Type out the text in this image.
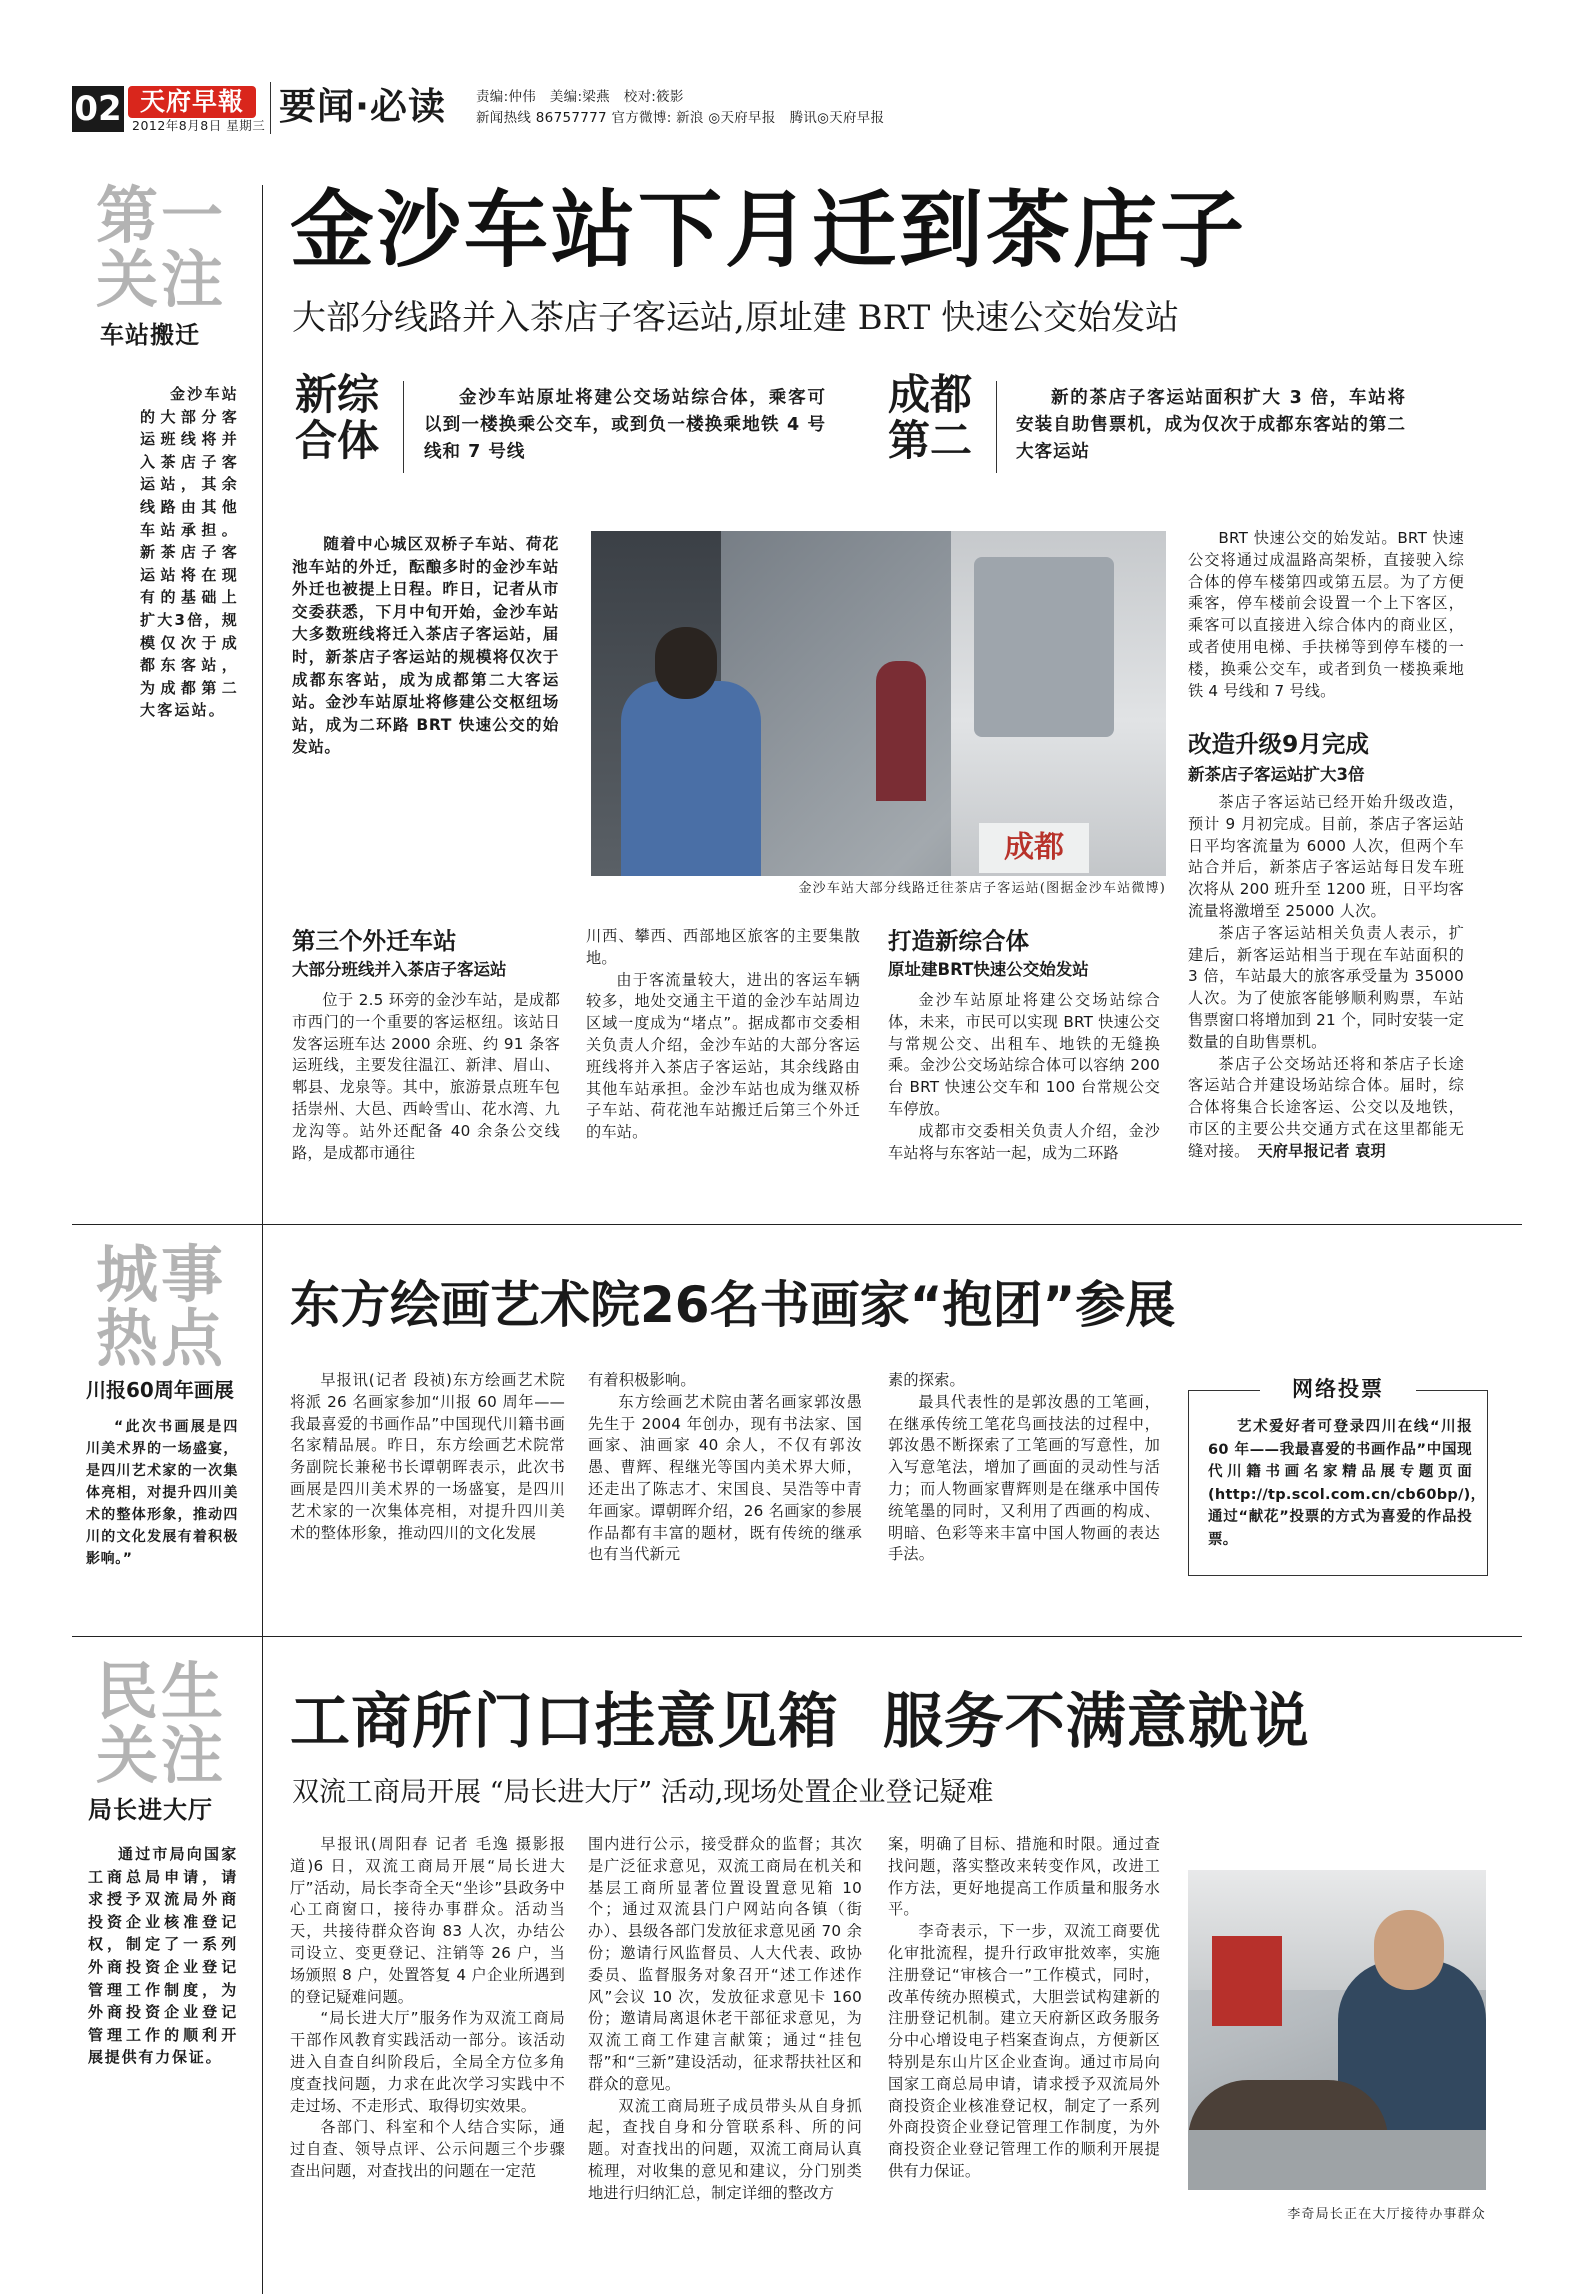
02 天府早報
2012年8月8日 星期三 要闻·必读 责编:仲伟　美编:梁燕　校对:筱影
新闻热线 86757777 官方微博: 新浪 ◎天府早报　 腾讯◎天府早报
第一
关注
车站搬迁

金沙车站的大部分客运班线将并入茶店子客运站，其余线路由其他车站承担。新茶店子客运站将在现有的基础上扩大3倍，规模仅次于成都东客站，为成都第二大客运站。

金沙车站下月迁到茶店子
大部分线路并入茶店子客运站,原址建 BRT 快速公交始发站
新综
合体

金沙车站原址将建公交场站综合体，乘客可以到一楼换乘公交车，或到负一楼换乘地铁 4 号线和 7 号线

成都
第二

新的茶店子客运站面积扩大 3 倍，车站将安装自助售票机，成为仅次于成都东客站的第二大客运站

随着中心城区双桥子车站、荷花池车站的外迁，酝酿多时的金沙车站外迁也被提上日程。昨日，记者从市交委获悉，下月中旬开始，金沙车站大多数班线将迁入茶店子客运站，届时，新茶店子客运站的规模将仅次于成都东客站，成为成都第二大客运站。金沙车站原址将修建公交枢纽场站，成为二环路 BRT 快速公交的始发站。

成都
金沙车站大部分线路迁往茶店子客运站(图据金沙车站微博)

BRT 快速公交的始发站。BRT 快速公交将通过成温路高架桥，直接驶入综合体的停车楼第四或第五层。为了方便乘客，停车楼前会设置一个上下客区，乘客可以直接进入综合体内的商业区，或者使用电梯、手扶梯等到停车楼的一楼，换乘公交车，或者到负一楼换乘地铁 4 号线和 7 号线。

改造升级9月完成
新茶店子客运站扩大3倍

茶店子客运站已经开始升级改造，预计 9 月初完成。目前，茶店子客运站日平均客流量为 6000 人次，但两个车站合并后，新茶店子客运站每日发车班次将从 200 班升至 1200 班，日平均客流量将激增至 25000 人次。

茶店子客运站相关负责人表示，扩建后，新客运站相当于现在车站面积的 3 倍，车站最大的旅客承受量为 35000 人次。为了使旅客能够顺利购票，车站售票窗口将增加到 21 个，同时安装一定数量的自助售票机。

茶店子公交场站还将和茶店子长途客运站合并建设场站综合体。届时，综合体将集合长途客运、公交以及地铁，市区的主要公共交通方式在这里都能无缝对接。　 天府早报记者 袁玥

第三个外迁车站
大部分班线并入茶店子客运站

位于 2.5 环旁的金沙车站，是成都市西门的一个重要的客运枢纽。该站日发客运班车达 2000 余班、约 91 条客运班线，主要发往温江、新津、眉山、郫县、龙泉等。其中，旅游景点班车包括崇州、大邑、西岭雪山、花水湾、九龙沟等。站外还配备 40 余条公交线路，是成都市通往

川西、攀西、西部地区旅客的主要集散地。

由于客流量较大，进出的客运车辆较多，地处交通主干道的金沙车站周边区域一度成为“堵点”。据成都市交委相关负责人介绍，金沙车站的大部分客运班线将并入茶店子客运站，其余线路由其他车站承担。金沙车站也成为继双桥子车站、荷花池车站搬迁后第三个外迁的车站。

打造新综合体
原址建BRT快速公交始发站

金沙车站原址将建公交场站综合体，未来，市民可以实现 BRT 快速公交与常规公交、出租车、地铁的无缝换乘。金沙公交场站综合体可以容纳 200 台 BRT 快速公交车和 100 台常规公交车停放。

成都市交委相关负责人介绍，金沙车站将与东客站一起，成为二环路

城事
热点
川报60周年画展

“此次书画展是四川美术界的一场盛宴，是四川艺术家的一次集体亮相，对提升四川美术的整体形象，推动四川的文化发展有着积极影响。”

东方绘画艺术院26名书画家“抱团”参展

早报讯(记者 段祯)东方绘画艺术院将派 26 名画家参加“川报 60 周年——我最喜爱的书画作品”中国现代川籍书画名家精品展。昨日，东方绘画艺术院常务副院长兼秘书长谭朝晖表示，此次书画展是四川美术界的一场盛宴，是四川艺术家的一次集体亮相，对提升四川美术的整体形象，推动四川的文化发展

有着积极影响。

东方绘画艺术院由著名画家郭汝愚先生于 2004 年创办，现有书法家、国画家、油画家 40 余人，不仅有郭汝愚、曹辉、程继光等国内美术界大师，还走出了陈志才、宋国良、吴浩等中青年画家。谭朝晖介绍，26 名画家的参展作品都有丰富的题材，既有传统的继承也有当代新元

素的探索。

最具代表性的是郭汝愚的工笔画，在继承传统工笔花鸟画技法的过程中，郭汝愚不断探索了工笔画的写意性，加入写意笔法，增加了画面的灵动性与活力；而人物画家曹辉则是在继承中国传统笔墨的同时，又利用了西画的构成、明暗、色彩等来丰富中国人物画的表达手法。

网络投票

艺术爱好者可登录四川在线“川报 60 年——我最喜爱的书画作品”中国现代川籍书画名家精品展专题页面(http://tp.scol.com.cn/cb60bp/)，通过“献花”投票的方式为喜爱的作品投票。

民生
关注
局长进大厅

通过市局向国家工商总局申请，请求授予双流局外商投资企业核准登记权，制定了一系列外商投资企业登记管理工作制度，为外商投资企业登记管理工作的顺利开展提供有力保证。

工商所门口挂意见箱  服务不满意就说
双流工商局开展 “局长进大厅” 活动,现场处置企业登记疑难

早报讯(周阳春 记者 毛逸 摄影报道)6 日，双流工商局开展“局长进大厅”活动，局长李奇全天“坐诊”县政务中心工商窗口，接待办事群众。活动当天，共接待群众咨询 83 人次，办结公司设立、变更登记、注销等 26 户，当场颁照 8 户，处置答复 4 户企业所遇到的登记疑难问题。

“局长进大厅”服务作为双流工商局干部作风教育实践活动一部分。该活动进入自查自纠阶段后，全局全方位多角度查找问题，力求在此次学习实践中不走过场、不走形式、取得切实效果。

各部门、科室和个人结合实际，通过自查、领导点评、公示问题三个步骤查出问题，对查找出的问题在一定范

围内进行公示，接受群众的监督；其次是广泛征求意见，双流工商局在机关和基层工商所显著位置设置意见箱 10 个；通过双流县门户网站向各镇（街办）、县级各部门发放征求意见函 70 余份；邀请行风监督员、人大代表、政协委员、监督服务对象召开“述工作述作风”会议 10 次，发放征求意见卡 160 份；邀请局离退休老干部征求意见，为双流工商工作建言献策；通过“挂包帮”和“三新”建设活动，征求帮扶社区和群众的意见。

双流工商局班子成员带头从自身抓起，查找自身和分管联系科、所的问题。对查找出的问题，双流工商局认真梳理，对收集的意见和建议，分门别类地进行归纳汇总，制定详细的整改方

案，明确了目标、措施和时限。通过查找问题，落实整改来转变作风，改进工作方法，更好地提高工作质量和服务水平。

李奇表示，下一步，双流工商要优化审批流程，提升行政审批效率，实施注册登记“审核合一”工作模式，同时，改革传统办照模式，大胆尝试构建新的注册登记机制。建立天府新区政务服务分中心增设电子档案查询点，方便新区特别是东山片区企业查询。通过市局向国家工商总局申请，请求授予双流局外商投资企业核准登记权，制定了一系列外商投资企业登记管理工作制度，为外商投资企业登记管理工作的顺利开展提供有力保证。

李奇局长正在大厅接待办事群众
